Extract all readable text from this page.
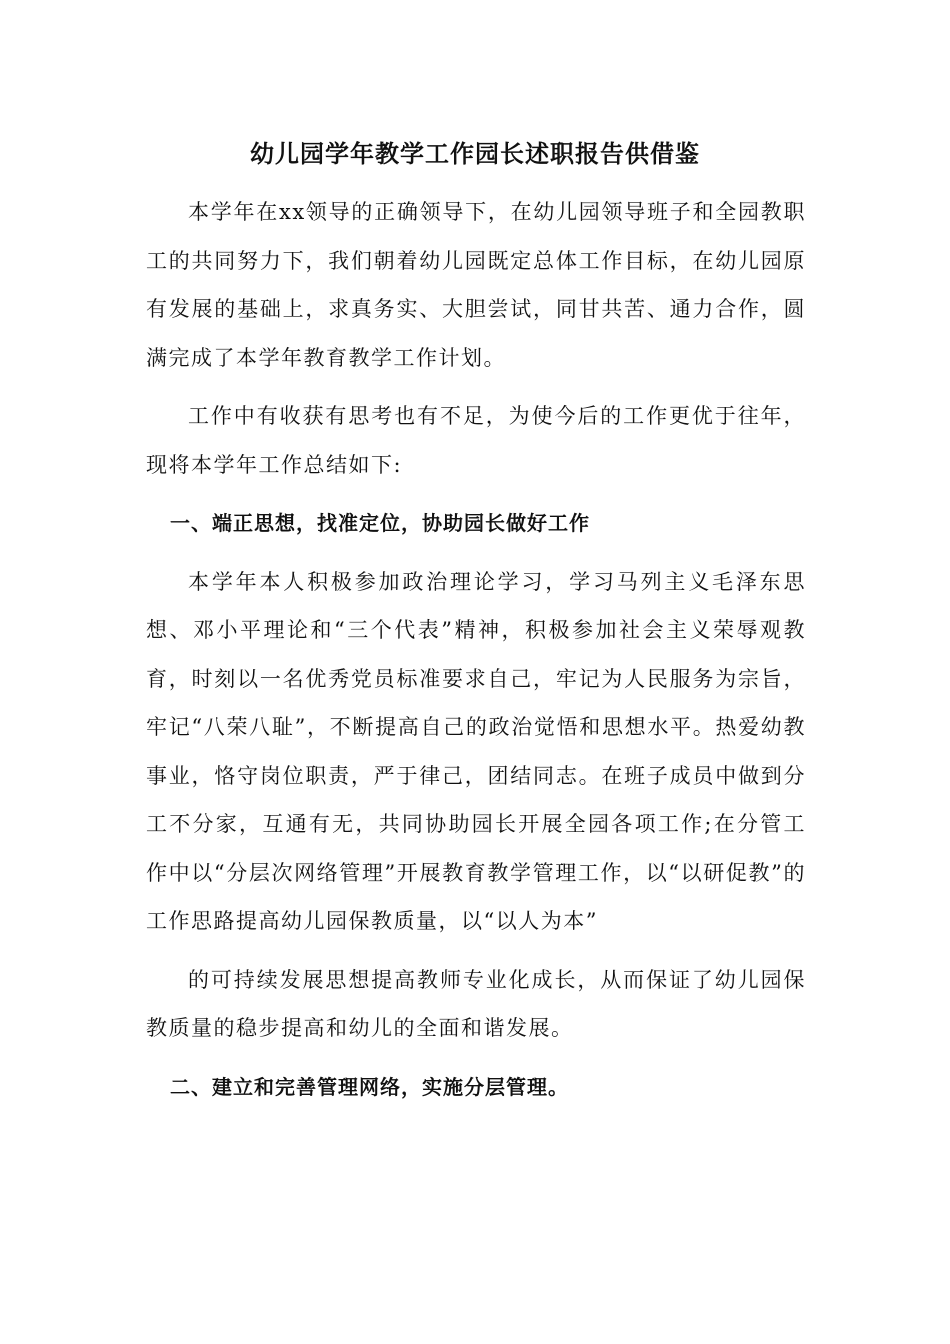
幼儿园学年教学工作园长述职报告供借鉴

本学年在xx领导的正确领导下，在幼儿园领导班子和全园教职工的共同努力下，我们朝着幼儿园既定总体工作目标，在幼儿园原有发展的基础上，求真务实、大胆尝试，同甘共苦、通力合作，圆满完成了本学年教育教学工作计划。

工作中有收获有思考也有不足，为使今后的工作更优于往年，现将本学年工作总结如下:

一、端正思想，找准定位，协助园长做好工作

本学年本人积极参加政治理论学习，学习马列主义毛泽东思想、邓小平理论和“三个代表”精神，积极参加社会主义荣辱观教育，时刻以一名优秀党员标准要求自己，牢记为人民服务为宗旨，牢记“八荣八耻”，不断提高自己的政治觉悟和思想水平。热爱幼教事业，恪守岗位职责，严于律己，团结同志。在班子成员中做到分工不分家，互通有无，共同协助园长开展全园各项工作;在分管工作中以“分层次网络管理”开展教育教学管理工作，以“以研促教”的工作思路提高幼儿园保教质量，以“以人为本”

的可持续发展思想提高教师专业化成长，从而保证了幼儿园保教质量的稳步提高和幼儿的全面和谐发展。

二、建立和完善管理网络，实施分层管理。
